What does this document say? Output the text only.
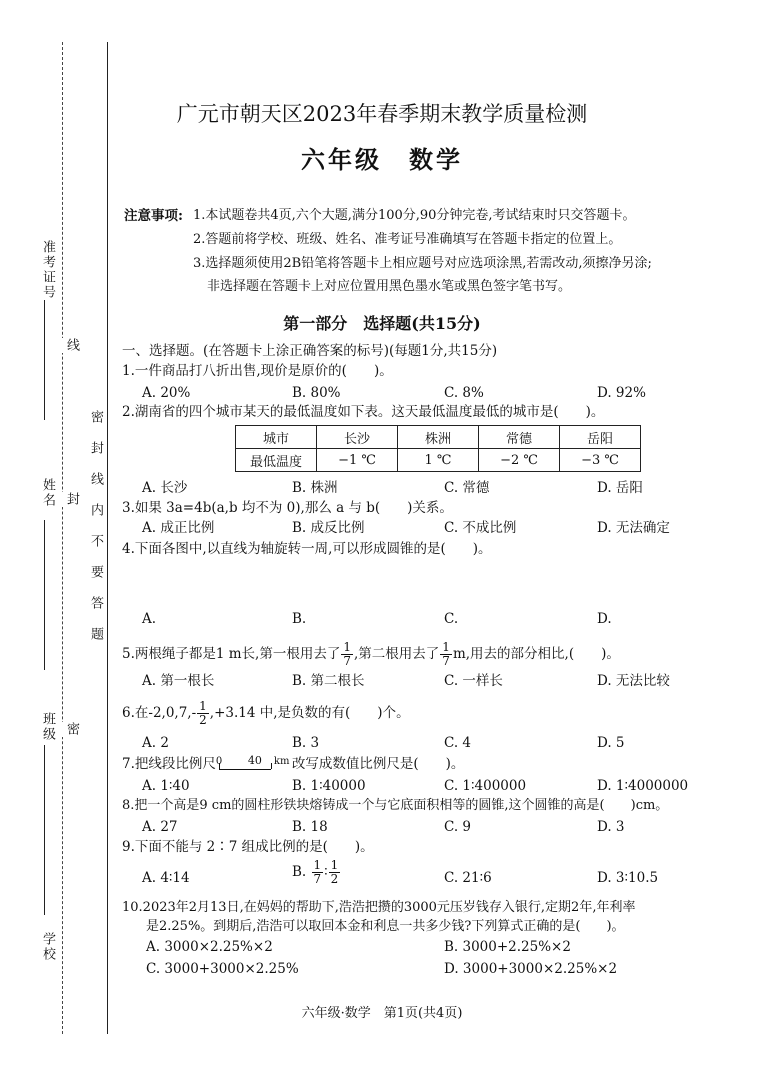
准考证号
姓名
班级
学校
线
封
密
密封线内不要答题
广元市朝天区2023年春季期末教学质量检测
六年级　数学
注意事项: 1.本试题卷共4页,六个大题,满分100分,90分钟完卷,考试结束时只交答题卡。
2.答题前将学校、班级、姓名、准考证号准确填写在答题卡指定的位置上。
3.选择题须使用2B铅笔将答题卡上相应题号对应选项涂黑,若需改动,须擦净另涂;
非选择题在答题卡上对应位置用黑色墨水笔或黑色签字笔书写。
第一部分　选择题(共15分)
一、选择题。(在答题卡上涂正确答案的标号)(每题1分,共15分)
1.一件商品打八折出售,现价是原价的(　　)。
A. 20%	B. 80%	C. 8%	D. 92%
2.湖南省的四个城市某天的最低温度如下表。这天最低温度最低的城市是(　　)。
城市	长沙	株洲	常德	岳阳
最低温度	−1 ℃	1 ℃	−2 ℃	−3 ℃
A. 长沙	B. 株洲	C. 常德	D. 岳阳
3.如果 3a=4b(a,b 均不为 0),那么 a 与 b(　　)关系。
A. 成正比例	B. 成反比例	C. 不成比例	D. 无法确定
4.下面各图中,以直线为轴旋转一周,可以形成圆锥的是(　　)。
A.	B.	C.	D.
5.两根绳子都是1 m长,第一根用去了 $\frac{1}{7}$ ,第二根用去了 $\frac{1}{7} m$,用去的部分相比,(　　)。
A. 第一根长	B. 第二根长	C. 一样长	D. 无法比较
6.在$-2,0,7,- \frac{1}{2} ,+3.14$ 中,是负数的有(　　)个。
A. 2	B. 3	C. 4	D. 5
7.把线段比例尺 0 40 km 改写成数值比例尺是(　　)。
A. 1∶40	B. 1∶40000	C. 1∶400000	D. 1∶4000000
8.把一个高是9 cm的圆柱形铁块熔铸成一个与它底面积相等的圆锥,这个圆锥的高是(　　)cm。
A. 27	B. 18	C. 9	D. 3
9.下面不能与 2∶7 组成比例的是(　　)。
A. 4∶14	B. $\frac{1}{7}$ ∶ $\frac{1}{2}$	C. 21∶6	D. 3∶10.5
10.2023年2月13日,在妈妈的帮助下,浩浩把攒的3000元压岁钱存入银行,定期2年,年利率
是2.25%。到期后,浩浩可以取回本金和利息一共多少钱?下列算式正确的是(　　)。
A. 3000×2.25%×2	B. 3000+2.25%×2
C. 3000+3000×2.25%	D. 3000+3000×2.25%×2
六年级·数学　第1页(共4页)
